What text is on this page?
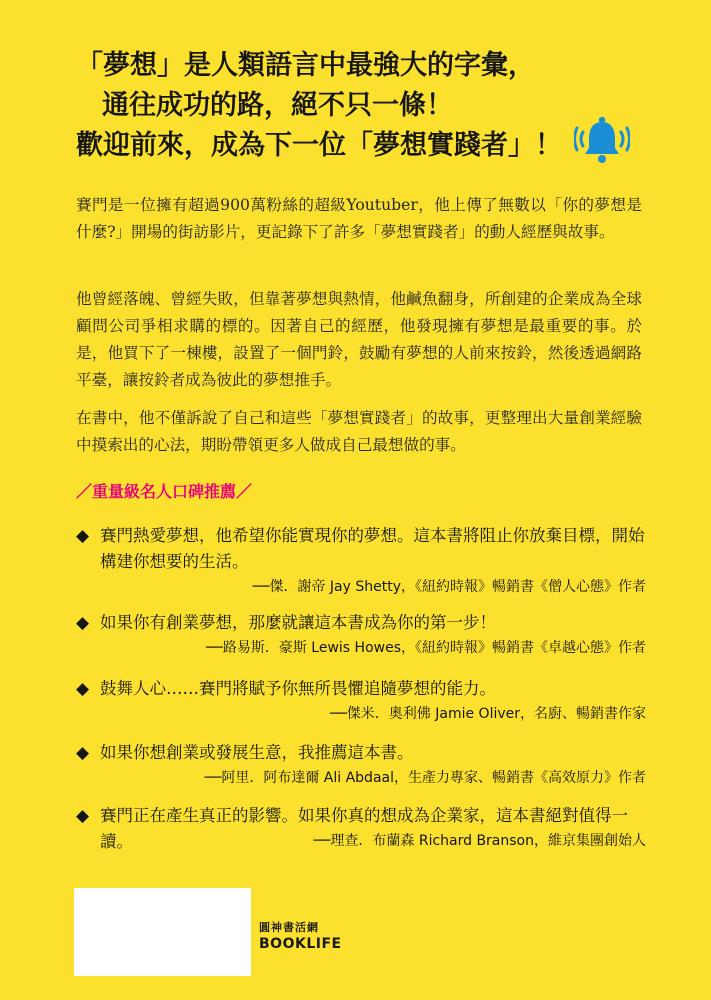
「夢想」是人類語言中最強大的字彙，
通往成功的路，絕不只一條！
歡迎前來，成為下一位「夢想實踐者」！

賽門是一位擁有超過900萬粉絲的超級Youtuber，他上傳了無數以「你的夢想是什麼?」開場的街訪影片，更記錄下了許多「夢想實踐者」的動人經歷與故事。

他曾經落魄、曾經失敗，但靠著夢想與熱情，他鹹魚翻身，所創建的企業成為全球顧問公司爭相求購的標的。因著自己的經歷，他發現擁有夢想是最重要的事。於是，他買下了一棟樓，設置了一個門鈴，鼓勵有夢想的人前來按鈴，然後透過網路平臺，讓按鈴者成為彼此的夢想推手。

在書中，他不僅訴說了自己和這些「夢想實踐者」的故事，更整理出大量創業經驗中摸索出的心法，期盼帶領更多人做成自己最想做的事。

／重量級名人口碑推薦／
◆ 賽門熱愛夢想，他希望你能實現你的夢想。這本書將阻止你放棄目標，開始構建你想要的生活。
──傑．謝帝 Jay Shetty，《紐約時報》暢銷書《僧人心態》作者
◆ 如果你有創業夢想，那麼就讓這本書成為你的第一步！
──路易斯．豪斯 Lewis Howes，《紐約時報》暢銷書《卓越心態》作者
◆ 鼓舞人心……賽門將賦予你無所畏懼追隨夢想的能力。
──傑米．奧利佛 Jamie Oliver，名廚、暢銷書作家
◆ 如果你想創業或發展生意，我推薦這本書。
──阿里．阿布達爾 Ali Abdaal，生產力專家、暢銷書《高效原力》作者
◆ 賽門正在產生真正的影響。如果你真的想成為企業家，這本書絕對值得一讀。	──理查．布蘭森 Richard Branson，維京集團創始人
圓神書活網
BOOKLIFE
